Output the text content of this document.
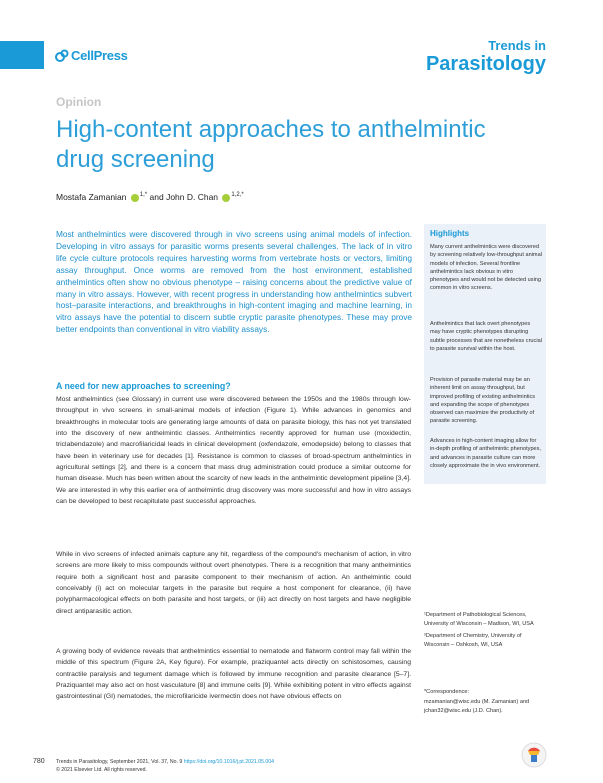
CellPress
Trends in
Parasitology
Opinion
High-content approaches to anthelmintic drug screening
Mostafa Zamanian $^{1,*}$ and John D. Chan $^{1,2,*}$

Most anthelmintics were discovered through in vivo screens using animal models of infection. Developing in vitro assays for parasitic worms presents several challenges. The lack of in vitro life cycle culture protocols requires harvesting worms from vertebrate hosts or vectors, limiting assay throughput. Once worms are removed from the host environment, established anthelmintics often show no obvious phenotype – raising concerns about the predictive value of many in vitro assays. However, with recent progress in understanding how anthelmintics subvert host–parasite interactions, and breakthroughs in high-content imaging and machine learning, in vitro assays have the potential to discern subtle cryptic parasite phenotypes. These may prove better endpoints than conventional in vitro viability assays.

A need for new approaches to screening?

Most anthelmintics (see Glossary) in current use were discovered between the 1950s and the 1980s through low-throughput in vivo screens in small-animal models of infection (Figure 1). While advances in genomics and breakthroughs in molecular tools are generating large amounts of data on parasite biology, this has not yet translated into the discovery of new anthelmintic classes. Anthelmintics recently approved for human use (moxidectin, triclabendazole) and macrofilaricidal leads in clinical development (oxfendazole, emodepside) belong to classes that have been in veterinary use for decades [1]. Resistance is common to classes of broad-spectrum anthelmintics in agricultural settings [2], and there is a concern that mass drug administration could produce a similar outcome for human disease. Much has been written about the scarcity of new leads in the anthelmintic development pipeline [3,4]. We are interested in why this earlier era of anthelmintic drug discovery was more successful and how in vitro assays can be developed to best recapitulate past successful approaches.

While in vivo screens of infected animals capture any hit, regardless of the compound's mechanism of action, in vitro screens are more likely to miss compounds without overt phenotypes. There is a recognition that many anthelmintics require both a significant host and parasite component to their mechanism of action. An anthelmintic could conceivably (i) act on molecular targets in the parasite but require a host component for clearance, (ii) have polypharmacological effects on both parasite and host targets, or (iii) act directly on host targets and have negligible direct antiparasitic action.

A growing body of evidence reveals that anthelmintics essential to nematode and flatworm control may fall within the middle of this spectrum (Figure 2A, Key figure). For example, praziquantel acts directly on schistosomes, causing contractile paralysis and tegument damage which is followed by immune recognition and parasite clearance [5–7]. Praziquantel may also act on host vasculature [8] and immune cells [9]. While exhibiting potent in vitro effects against gastrointestinal (GI) nematodes, the microfilaricide ivermectin does not have obvious effects on

Highlights

Many current anthelmintics were discovered by screening relatively low-throughput animal models of infection. Several frontline anthelmintics lack obvious in vitro phenotypes and would not be detected using common in vitro screens.

Anthelmintics that lack overt phenotypes may have cryptic phenotypes disrupting subtle processes that are nonetheless crucial to parasite survival within the host.

Provision of parasite material may be an inherent limit on assay throughput, but improved profiling of existing anthelmintics and expanding the scope of phenotypes observed can maximize the productivity of parasite screening.

Advances in high-content imaging allow for in-depth profiling of anthelmintic phenotypes, and advances in parasite culture can more closely approximate the in vivo environment.

¹Department of Pathobiological Sciences, University of Wisconsin – Madison, WI, USA

²Department of Chemistry, University of Wisconsin – Oshkosh, WI, USA

*Correspondence:

mzamanian@wisc.edu (M. Zamanian) and jchan32@wisc.edu (J.D. Chan).

780 Trends in Parasitology, September 2021, Vol. 37, No. 9 https://doi.org/10.1016/j.pt.2021.05.004
© 2021 Elsevier Ltd. All rights reserved.
